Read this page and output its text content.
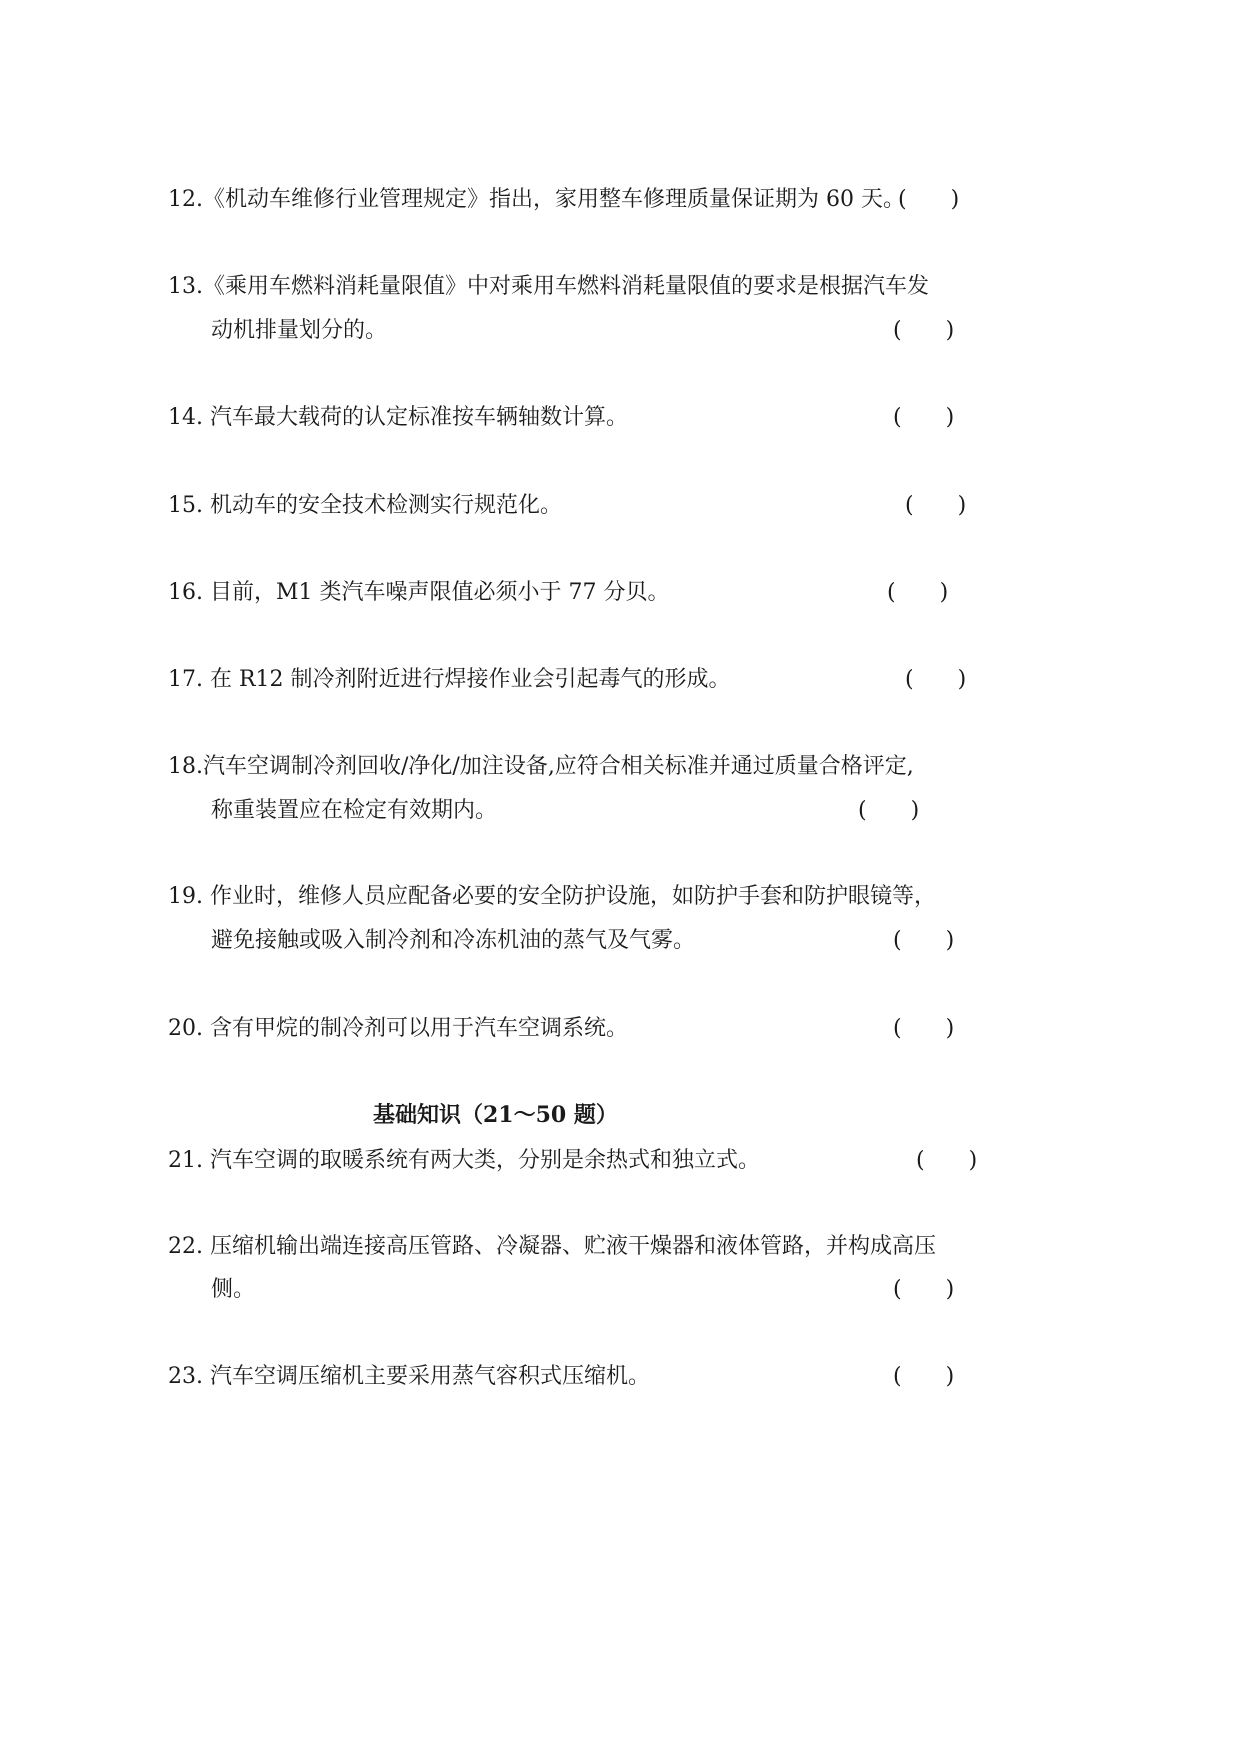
12.《机动车维修行业管理规定》指出，家用整车修理质量保证期为 60 天。
13.《乘用车燃料消耗量限值》中对乘用车燃料消耗量限值的要求是根据汽车发
动机排量划分的。	(　　)
14. 汽车最大载荷的认定标准按车辆轴数计算。	(　　)
15. 机动车的安全技术检测实行规范化。	(　　)
16. 目前，M1 类汽车噪声限值必须小于 77 分贝。	(　　)
17. 在 R12 制冷剂附近进行焊接作业会引起毒气的形成。	(　　)
18.汽车空调制冷剂回收/净化/加注设备,应符合相关标准并通过质量合格评定,
称重装置应在检定有效期内。	(　　)
19. 作业时，维修人员应配备必要的安全防护设施，如防护手套和防护眼镜等，
避免接触或吸入制冷剂和冷冻机油的蒸气及气雾。	(　　)
20. 含有甲烷的制冷剂可以用于汽车空调系统。	(　　)
基础知识（21～50 题）
21. 汽车空调的取暖系统有两大类，分别是余热式和独立式。	(　　)
22. 压缩机输出端连接高压管路、冷凝器、贮液干燥器和液体管路，并构成高压
侧。	(　　)
23. 汽车空调压缩机主要采用蒸气容积式压缩机。	(　　)
(　　)
